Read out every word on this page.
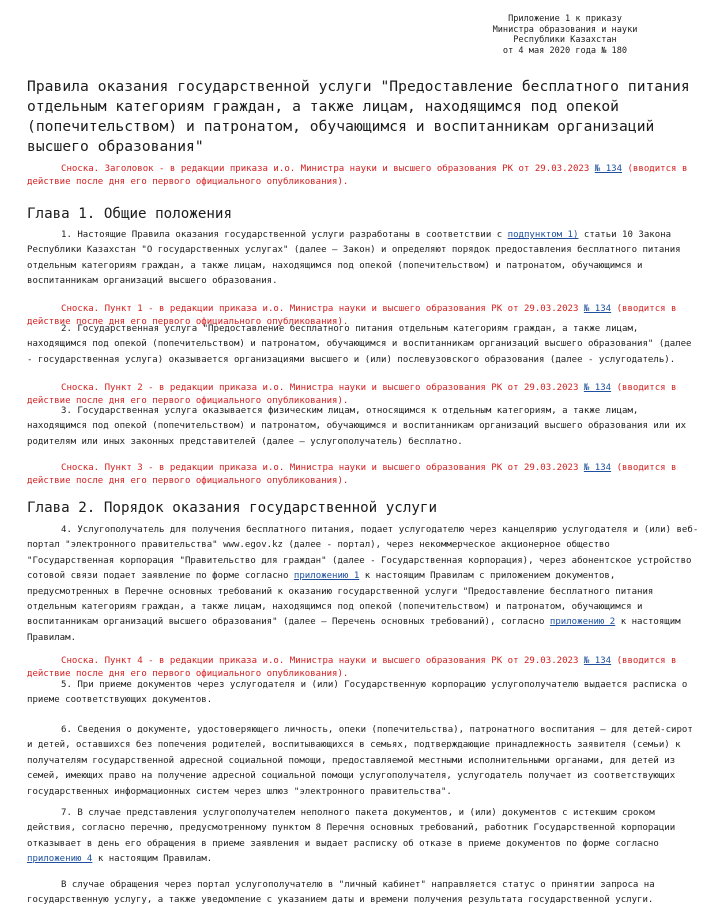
Приложение 1 к приказу
Министра образования и науки
Республики Казахстан
от 4 мая 2020 года № 180
Правила оказания государственной услуги "Предоставление бесплатного питания отдельным категориям граждан, а также лицам, находящимся под опекой (попечительством) и патронатом, обучающимся и воспитанникам организаций высшего образования"
Сноска. Заголовок - в редакции приказа и.о. Министра науки и высшего образования РК от 29.03.2023 № 134 (вводится в
действие после дня его первого официального опубликования).
Глава 1. Общие положения
1. Настоящие Правила оказания государственной услуги разработаны в соответствии с подпунктом 1) статьи 10 Закона
Республики Казахстан "О государственных услугах" (далее – Закон) и определяют порядок предоставления бесплатного питания
отдельным категориям граждан, а также лицам, находящимся под опекой (попечительством) и патронатом, обучающимся и
воспитанникам организаций высшего образования.
Сноска. Пункт 1 - в редакции приказа и.о. Министра науки и высшего образования РК от 29.03.2023 № 134 (вводится в
действие после дня его первого официального опубликования).
2. Государственная услуга "Предоставление бесплатного питания отдельным категориям граждан, а также лицам,
находящимся под опекой (попечительством) и патронатом, обучающимся и воспитанникам организаций высшего образования" (далее
- государственная услуга) оказывается организациями высшего и (или) послевузовского образования (далее - услугодатель).
Сноска. Пункт 2 - в редакции приказа и.о. Министра науки и высшего образования РК от 29.03.2023 № 134 (вводится в
действие после дня его первого официального опубликования).
3. Государственная услуга оказывается физическим лицам, относящимся к отдельным категориям, а также лицам,
находящимся под опекой (попечительством) и патронатом, обучающимся и воспитанникам организаций высшего образования или их
родителям или иных законных представителей (далее – услугополучатель) бесплатно.
Сноска. Пункт 3 - в редакции приказа и.о. Министра науки и высшего образования РК от 29.03.2023 № 134 (вводится в
действие после дня его первого официального опубликования).
Глава 2. Порядок оказания государственной услуги
4. Услугополучатель для получения бесплатного питания, подает услугодателю через канцелярию услугодателя и (или) веб-
портал "электронного правительства" www.egov.kz (далее - портал), через некоммерческое акционерное общество
"Государственная корпорация "Правительство для граждан" (далее - Государственная корпорация), через абонентское устройство
сотовой связи подает заявление по форме согласно приложению 1 к настоящим Правилам с приложением документов,
предусмотренных в Перечне основных требований к оказанию государственной услуги "Предоставление бесплатного питания
отдельным категориям граждан, а также лицам, находящимся под опекой (попечительством) и патронатом, обучающимся и
воспитанникам организаций высшего образования" (далее – Перечень основных требований), согласно приложению 2 к настоящим
Правилам.
Сноска. Пункт 4 - в редакции приказа и.о. Министра науки и высшего образования РК от 29.03.2023 № 134 (вводится в
действие после дня его первого официального опубликования).
5. При приеме документов через услугодателя и (или) Государственную корпорацию услугополучателю выдается расписка о
приеме соответствующих документов.
6. Сведения о документе, удостоверяющего личность, опеки (попечительства), патронатного воспитания – для детей-сирот
и детей, оставшихся без попечения родителей, воспитывающихся в семьях, подтверждающие принадлежность заявителя (семьи) к
получателям государственной адресной социальной помощи, предоставляемой местными исполнительными органами, для детей из
семей, имеющих право на получение адресной социальной помощи услугополучателя, услугодатель получает из соответствующих
государственных информационных систем через шлюз "электронного правительства".
7. В случае представления услугополучателем неполного пакета документов, и (или) документов с истекшим сроком
действия, согласно перечню, предусмотренному пунктом 8 Перечня основных требований, работник Государственной корпорации
отказывает в день его обращения в приеме заявления и выдает расписку об отказе в приеме документов по форме согласно
приложению 4 к настоящим Правилам.
В случае обращения через портал услугополучателю в "личный кабинет" направляется статус о принятии запроса на
государственную услугу, а также уведомление с указанием даты и времени получения результата государственной услуги.
